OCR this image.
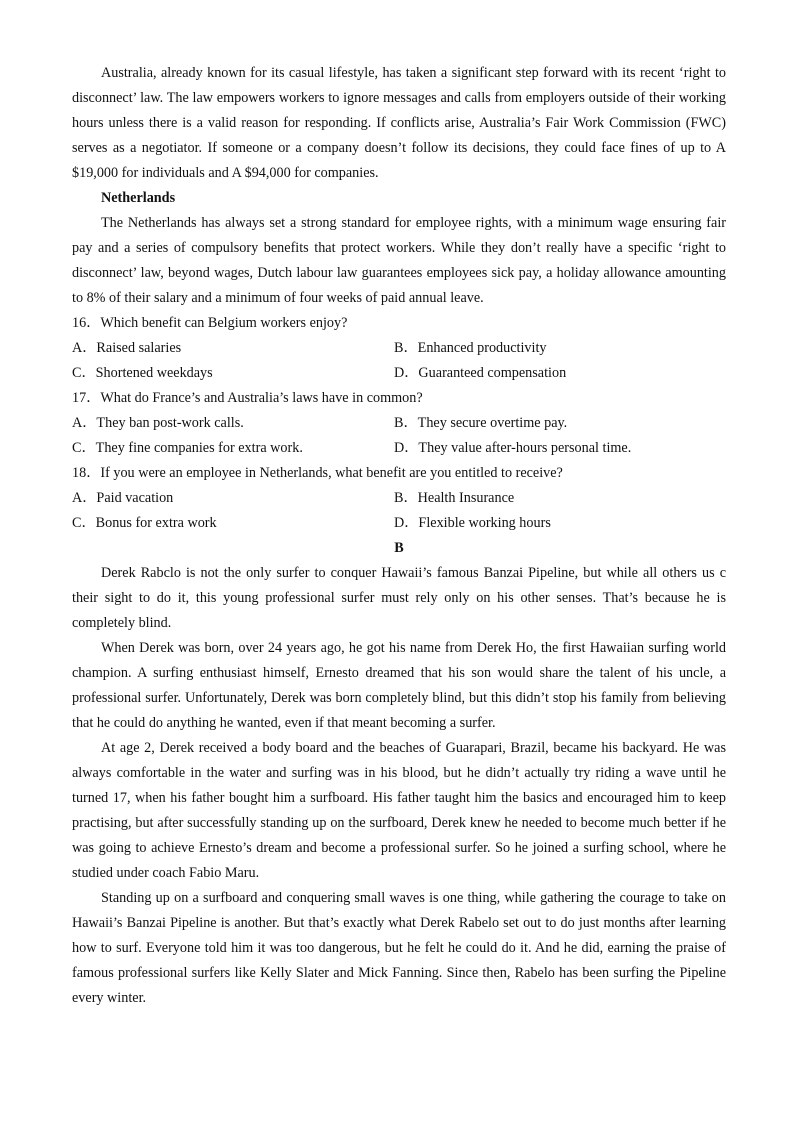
Australia, already known for its casual lifestyle, has taken a significant step forward with its recent ‘right to disconnect’ law. The law empowers workers to ignore messages and calls from employers outside of their working hours unless there is a valid reason for responding. If conflicts arise, Australia’s Fair Work Commission (FWC) serves as a negotiator. If someone or a company doesn’t follow its decisions, they could face fines of up to A $19,000 for individuals and A $94,000 for companies.

Netherlands

The Netherlands has always set a strong standard for employee rights, with a minimum wage ensuring fair pay and a series of compulsory benefits that protect workers. While they don’t really have a specific ‘right to disconnect’ law, beyond wages, Dutch labour law guarantees employees sick pay, a holiday allowance amounting to 8% of their salary and a minimum of four weeks of paid annual leave.

16．Which benefit can Belgium workers enjoy?

A．Raised salaries	B．Enhanced productivity
C．Shortened weekdays	D．Guaranteed compensation

17．What do France’s and Australia’s laws have in common?

A．They ban post-work calls.	B．They secure overtime pay.
C．They fine companies for extra work.	D．They value after-hours personal time.

18．If you were an employee in Netherlands, what benefit are you entitled to receive?

A．Paid vacation	B．Health Insurance
C．Bonus for extra work	D．Flexible working hours

B

Derek Rabclo is not the only surfer to conquer Hawaii’s famous Banzai Pipeline, but while all others us c their sight to do it, this young professional surfer must rely only on his other senses. That’s because he is completely blind.

When Derek was born, over 24 years ago, he got his name from Derek Ho, the first Hawaiian surfing world champion. A surfing enthusiast himself, Ernesto dreamed that his son would share the talent of his uncle, a professional surfer. Unfortunately, Derek was born completely blind, but this didn’t stop his family from believing that he could do anything he wanted, even if that meant becoming a surfer.

At age 2, Derek received a body board and the beaches of Guarapari, Brazil, became his backyard. He was always comfortable in the water and surfing was in his blood, but he didn’t actually try riding a wave until he turned 17, when his father bought him a surfboard. His father taught him the basics and encouraged him to keep practising, but after successfully standing up on the surfboard, Derek knew he needed to become much better if he was going to achieve Ernesto’s dream and become a professional surfer. So he joined a surfing school, where he studied under coach Fabio Maru.

Standing up on a surfboard and conquering small waves is one thing, while gathering the courage to take on Hawaii’s Banzai Pipeline is another. But that’s exactly what Derek Rabelo set out to do just months after learning how to surf. Everyone told him it was too dangerous, but he felt he could do it. And he did, earning the praise of famous professional surfers like Kelly Slater and Mick Fanning. Since then, Rabelo has been surfing the Pipeline every winter.
